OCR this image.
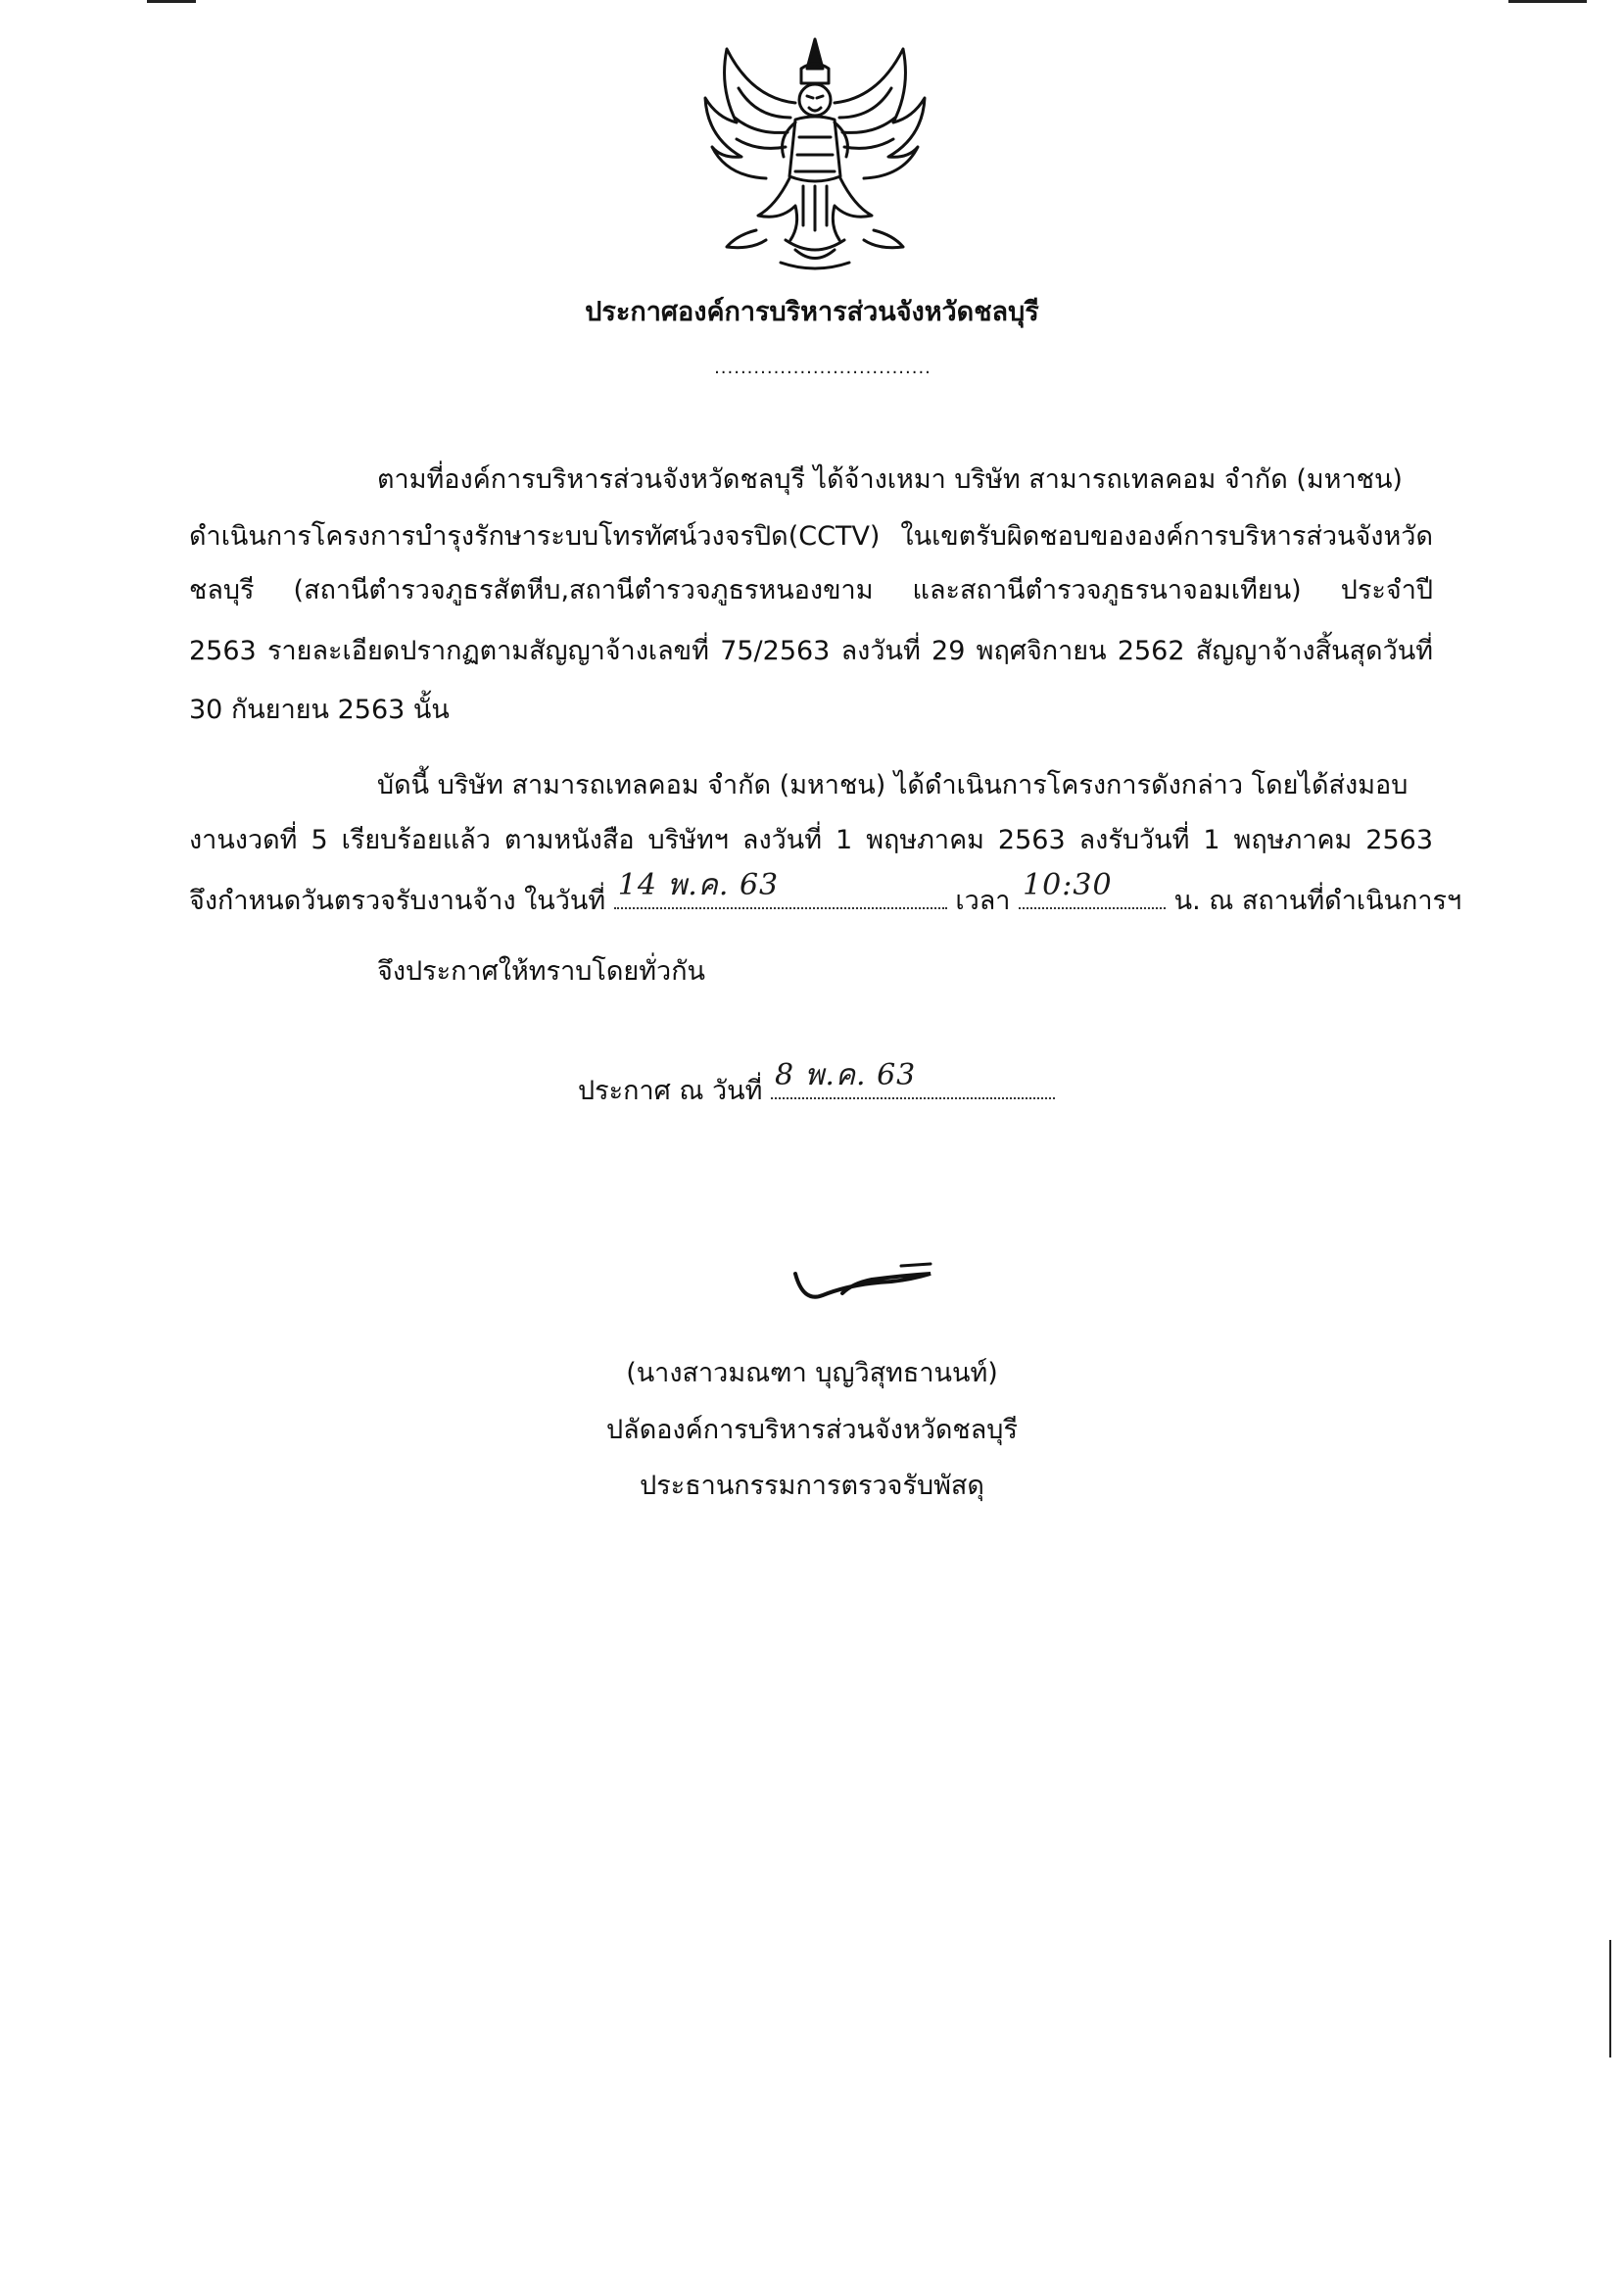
ประกาศองค์การบริหารส่วนจังหวัดชลบุรี
.................................
ตามที่องค์การบริหารส่วนจังหวัดชลบุรี ได้จ้างเหมา บริษัท สามารถเทลคอม จำกัด (มหาชน)
ดำเนินการโครงการบำรุงรักษาระบบโทรทัศน์วงจรปิด(CCTV) ในเขตรับผิดชอบขององค์การบริหารส่วนจังหวัด
ชลบุรี (สถานีตำรวจภูธรสัตหีบ,สถานีตำรวจภูธรหนองขาม และสถานีตำรวจภูธรนาจอมเทียน) ประจำปี
2563 รายละเอียดปรากฏตามสัญญาจ้างเลขที่ 75/2563 ลงวันที่ 29 พฤศจิกายน 2562 สัญญาจ้างสิ้นสุดวันที่
30 กันยายน 2563 นั้น
บัดนี้ บริษัท สามารถเทลคอม จำกัด (มหาชน) ได้ดำเนินการโครงการดังกล่าว โดยได้ส่งมอบ
งานงวดที่ 5 เรียบร้อยแล้ว ตามหนังสือ บริษัทฯ ลงวันที่ 1 พฤษภาคม 2563 ลงรับวันที่ 1 พฤษภาคม 2563
จึงกำหนดวันตรวจรับงานจ้าง ในวันที่ 14 พ.ค. 63	เวลา 10:30 น. ณ สถานที่ดำเนินการฯ
จึงประกาศให้ทราบโดยทั่วกัน
ประกาศ ณ วันที่ 8 พ.ค. 63
(นางสาวมณฑา บุญวิสุทธานนท์)
ปลัดองค์การบริหารส่วนจังหวัดชลบุรี
ประธานกรรมการตรวจรับพัสดุ
